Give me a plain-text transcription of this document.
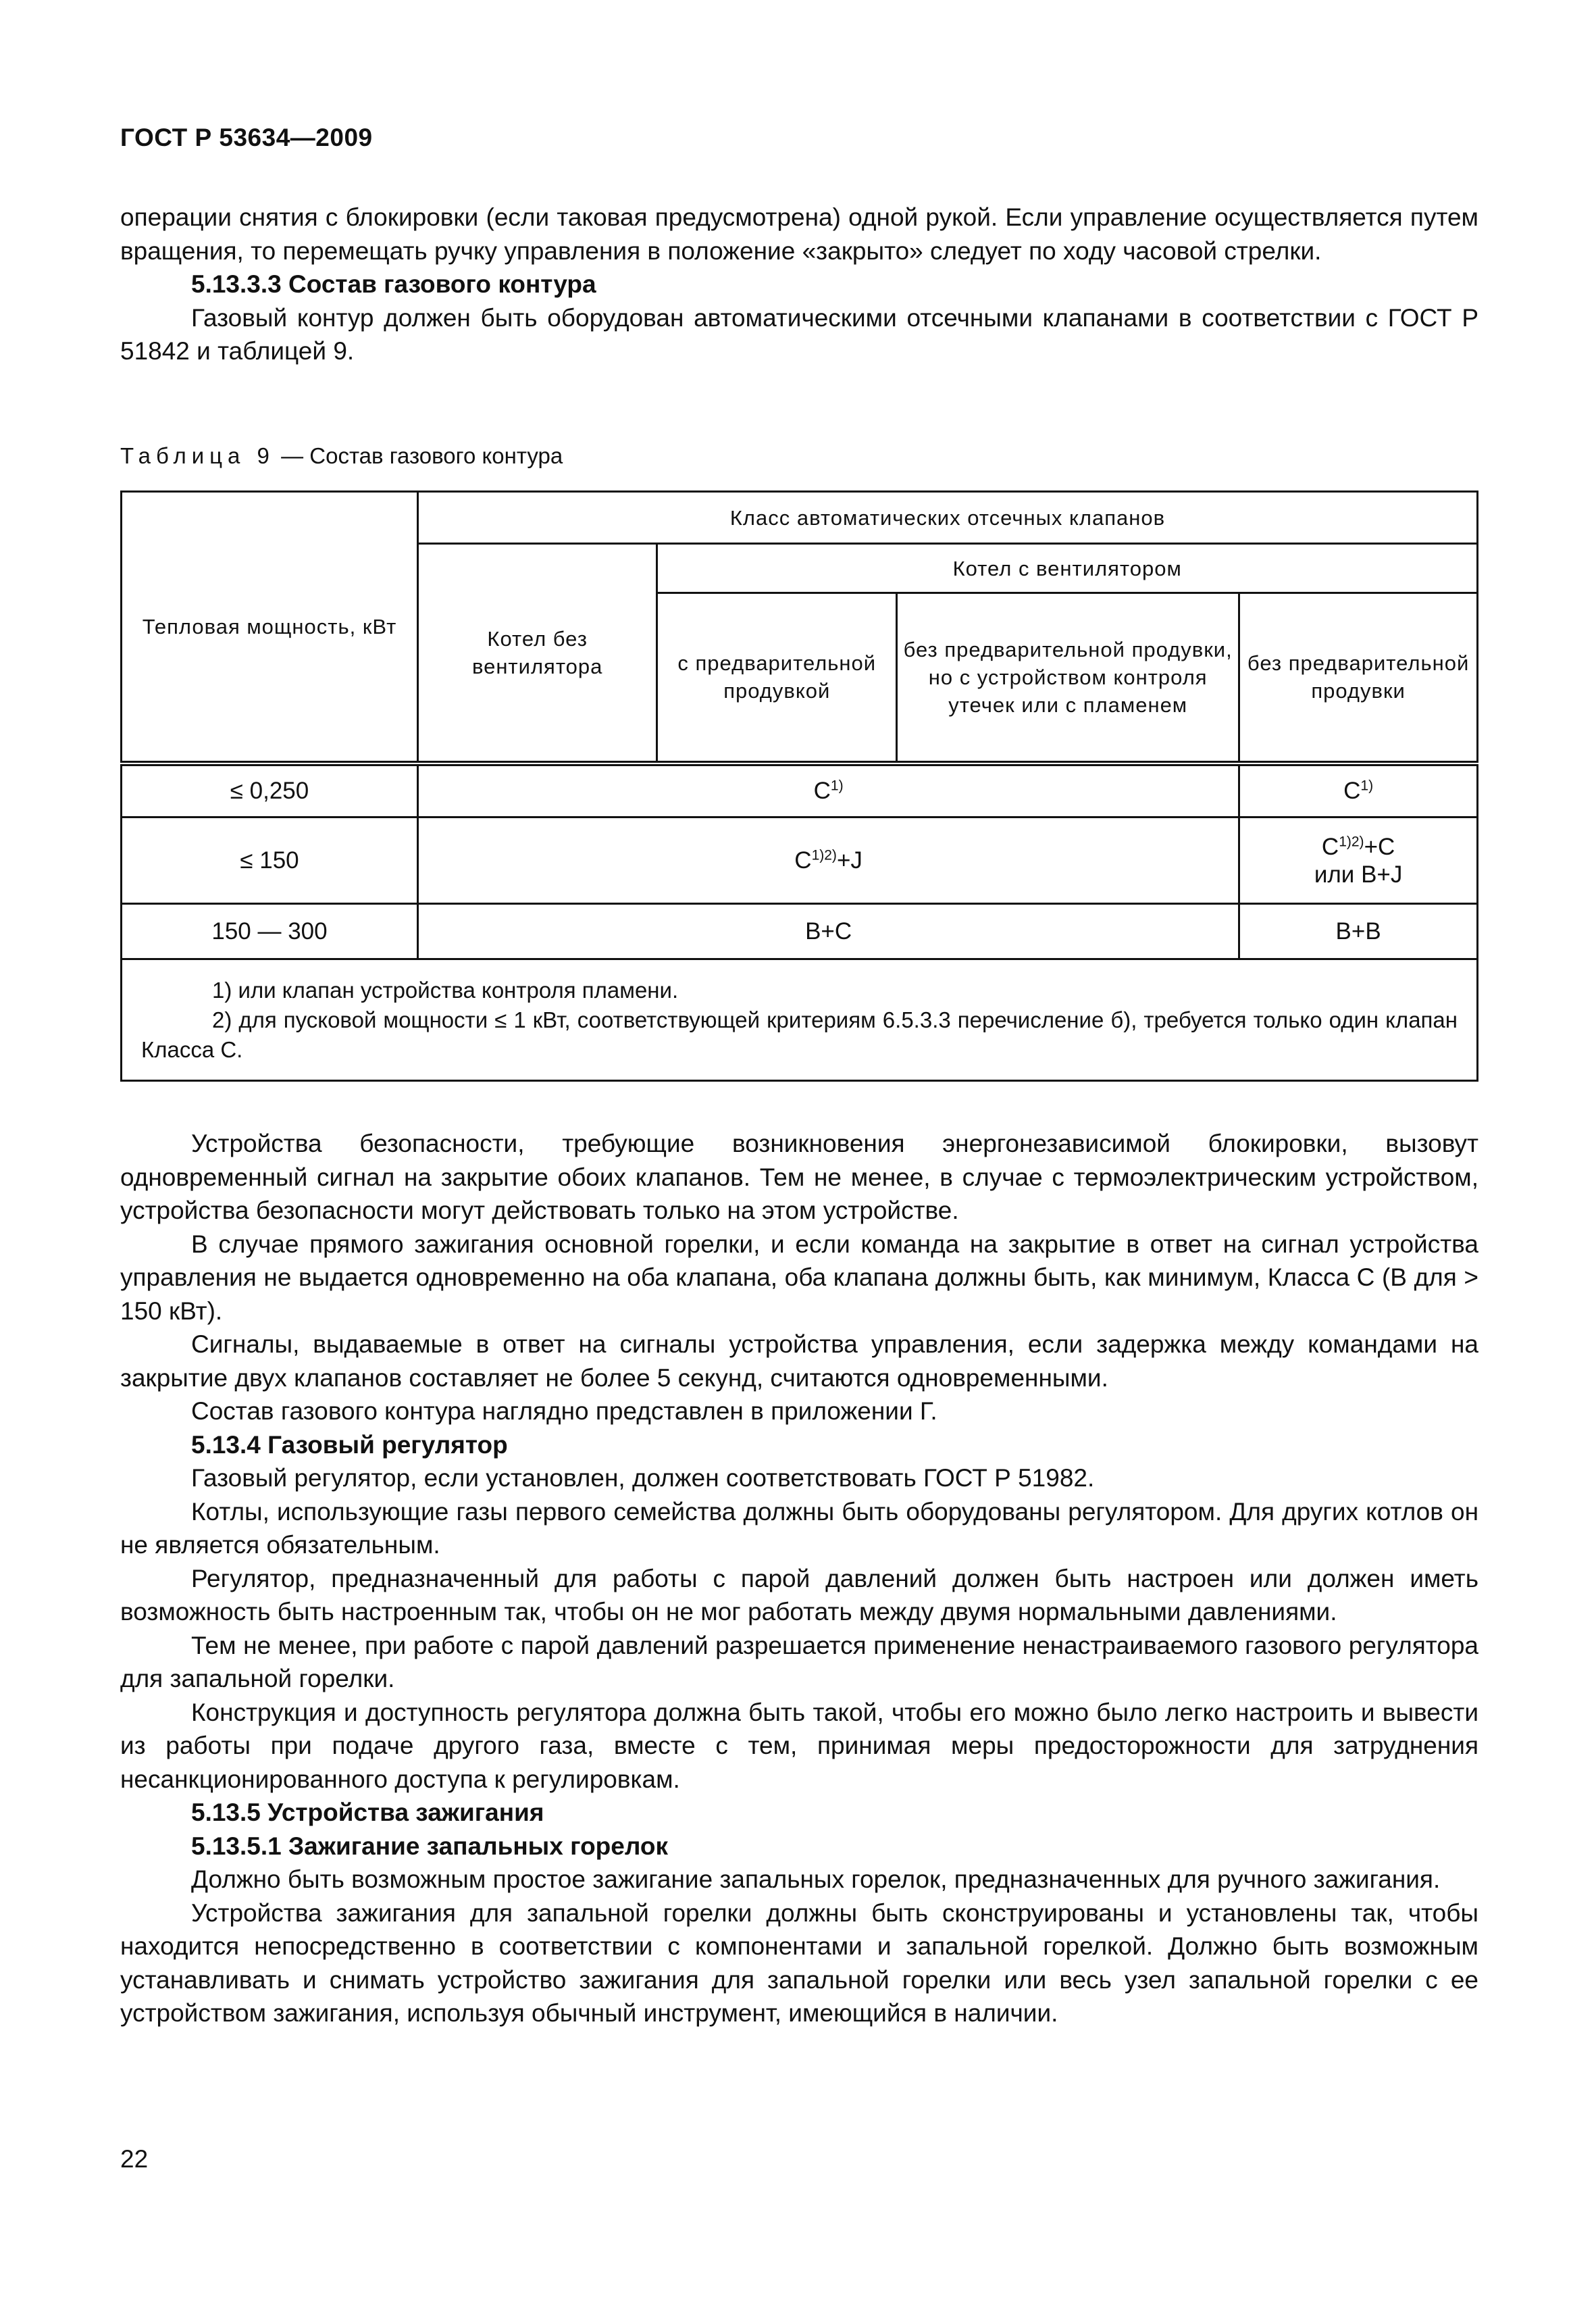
ГОСТ Р 53634—2009

операции снятия с блокировки (если таковая предусмотрена) одной рукой. Если управление осуществляется путем вращения, то перемещать ручку управления в положение «закрыто» следует по ходу часовой стрелки.

5.13.3.3 Состав газового контура

Газовый контур должен быть оборудован автоматическими отсечными клапанами в соответствии с ГОСТ Р 51842 и таблицей 9.

Таблица 9 — Состав газового контура
Тепловая мощность, кВт	Класс автоматических отсечных клапанов			
	Котел без вентилятора	Котел с вентилятором		
		с предварительной продувкой	без предварительной продувки, но с устройством контроля утечек или с пламенем	без предварительной продувки
≤ 0,250	$C^{1)}$			$C^{1)}$
≤ 150	$C^{1)2)}+J$			$C^{1)2)}+C$
или B+J
150 — 300	B+C			B+B

1) или клапан устройства контроля пламени.

2) для пусковой мощности ≤ 1 кВт, соответствующей критериям 6.5.3.3 перечисление б), требуется только один клапан Класса С.				

Устройства безопасности, требующие возникновения энергонезависимой блокировки, вызовут одновременный сигнал на закрытие обоих клапанов. Тем не менее, в случае с термоэлектрическим устройством, устройства безопасности могут действовать только на этом устройстве.

В случае прямого зажигания основной горелки, и если команда на закрытие в ответ на сигнал устройства управления не выдается одновременно на оба клапана, оба клапана должны быть, как минимум, Класса С (В для > 150 кВт).

Сигналы, выдаваемые в ответ на сигналы устройства управления, если задержка между командами на закрытие двух клапанов составляет не более 5 секунд, считаются одновременными.

Состав газового контура наглядно представлен в приложении Г.

5.13.4 Газовый регулятор

Газовый регулятор, если установлен, должен соответствовать ГОСТ Р 51982.

Котлы, использующие газы первого семейства должны быть оборудованы регулятором. Для других котлов он не является обязательным.

Регулятор, предназначенный для работы с парой давлений должен быть настроен или должен иметь возможность быть настроенным так, чтобы он не мог работать между двумя нормальными давлениями.

Тем не менее, при работе с парой давлений разрешается применение ненастраиваемого газового регулятора для запальной горелки.

Конструкция и доступность регулятора должна быть такой, чтобы его можно было легко настроить и вывести из работы при подаче другого газа, вместе с тем, принимая меры предосторожности для затруднения несанкционированного доступа к регулировкам.

5.13.5 Устройства зажигания
5.13.5.1 Зажигание запальных горелок

Должно быть возможным простое зажигание запальных горелок, предназначенных для ручного зажигания.

Устройства зажигания для запальной горелки должны быть сконструированы и установлены так, чтобы находится непосредственно в соответствии с компонентами и запальной горелкой. Должно быть возможным устанавливать и снимать устройство зажигания для запальной горелки или весь узел запальной горелки с ее устройством зажигания, используя обычный инструмент, имеющийся в наличии.

22
